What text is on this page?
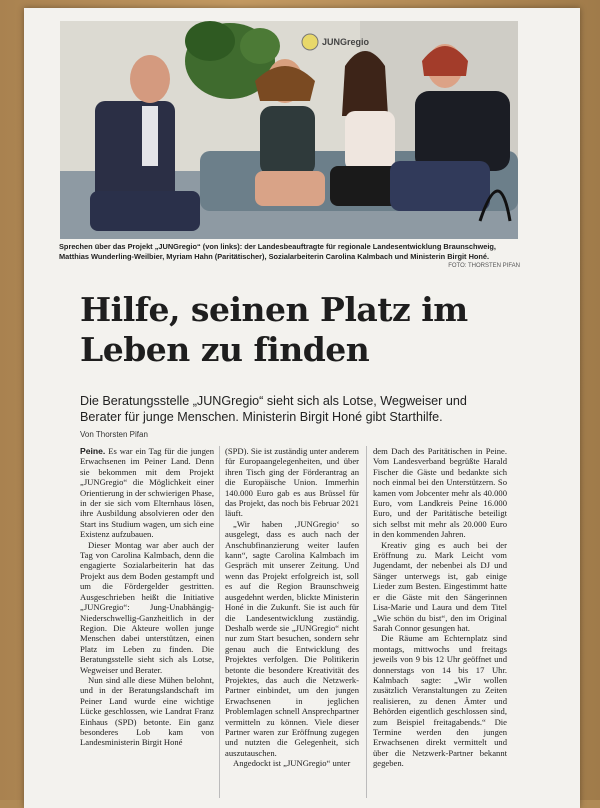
JUNGregio
Sprechen über das Projekt „JUNGregio“ (von links): der Landesbeauftragte für regionale Landesentwicklung Braunschweig, Matthias Wunderling-Weilbier, Myriam Hahn (Paritätischer), Sozialarbeiterin Carolina Kalmbach und Ministerin Birgit Honé.
FOTO: THORSTEN PIFAN
Hilfe, seinen Platz im
Leben zu finden
Die Beratungsstelle „JUNGregio“ sieht sich als Lotse, Wegweiser und Berater für junge Menschen. Ministerin Birgit Honé gibt Starthilfe.
Von Thorsten Pifan

Peine. Es war ein Tag für die jungen Erwachsenen im Peiner Land. Denn sie bekommen mit dem Projekt „JUNGregio“ die Möglichkeit einer Orientierung in der schwierigen Phase, in der sie sich vom Elternhaus lösen, ihre Ausbildung absolvieren oder den Start ins Studium wagen, um sich eine Existenz aufzubauen.

Dieser Montag war aber auch der Tag von Carolina Kalmbach, denn die engagierte Sozialarbeiterin hat das Projekt aus dem Boden gestampft und um die Fördergelder gestritten. Ausgeschrieben heißt die Initiative „JUNGregio“: Jung-Unabhängig-Niederschwellig-Ganzheitlich in der Region. Die Akteure wollen junge Menschen dabei unterstützen, einen Platz im Leben zu finden. Die Beratungsstelle sieht sich als Lotse, Wegweiser und Berater.

Nun sind alle diese Mühen belohnt, und in der Beratungslandschaft im Peiner Land wurde eine wichtige Lücke geschlossen, wie Landrat Franz Einhaus (SPD) betonte. Ein ganz besonderes Lob kam von Landesministerin Birgit Honé

(SPD). Sie ist zuständig unter anderem für Europaangelegenheiten, und über ihren Tisch ging der Förderantrag an die Europäische Union. Immerhin 140.000 Euro gab es aus Brüssel für das Projekt, das noch bis Februar 2021 läuft.

„Wir haben ‚JUNGregio‘ so ausgelegt, dass es auch nach der Anschubfinanzierung weiter laufen kann“, sagte Carolina Kalmbach im Gespräch mit unserer Zeitung. Und wenn das Projekt erfolgreich ist, soll es auf die Region Braunschweig ausgedehnt werden, blickte Ministerin Honé in die Zukunft. Sie ist auch für die Landesentwicklung zuständig. Deshalb werde sie „JUNGregio“ nicht nur zum Start besuchen, sondern sehr genau auch die Entwicklung des Projektes verfolgen. Die Politikerin betonte die besondere Kreativität des Projektes, das auch die Netzwerk-Partner einbindet, um den jungen Erwachsenen in jeglichen Problemlagen schnell Ansprechpartner vermitteln zu können. Viele dieser Partner waren zur Eröffnung zugegen und nutzten die Gelegenheit, sich auszutauschen.

Angedockt ist „JUNGregio“ unter

dem Dach des Paritätischen in Peine. Vom Landesverband begrüßte Harald Fischer die Gäste und bedankte sich noch einmal bei den Unterstützern. So kamen vom Jobcenter mehr als 40.000 Euro, vom Landkreis Peine 16.000 Euro, und der Paritätische beteiligt sich selbst mit mehr als 20.000 Euro in den kommenden Jahren.

Kreativ ging es auch bei der Eröffnung zu. Mark Leicht vom Jugendamt, der nebenbei als DJ und Sänger unterwegs ist, gab einige Lieder zum Besten. Eingestimmt hatte er die Gäste mit den Sängerinnen Lisa-Marie und Laura und dem Titel „Wie schön du bist“, den im Original Sarah Connor gesungen hat.

Die Räume am Echternplatz sind montags, mittwochs und freitags jeweils von 9 bis 12 Uhr geöffnet und donnerstags von 14 bis 17 Uhr. Kalmbach sagte: „Wir wollen zusätzlich Veranstaltungen zu Zeiten realisieren, zu denen Ämter und Behörden eigentlich geschlossen sind, zum Beispiel freitagabends.“ Die Termine werden den jungen Erwachsenen direkt vermittelt und über die Netzwerk-Partner bekannt gegeben.
